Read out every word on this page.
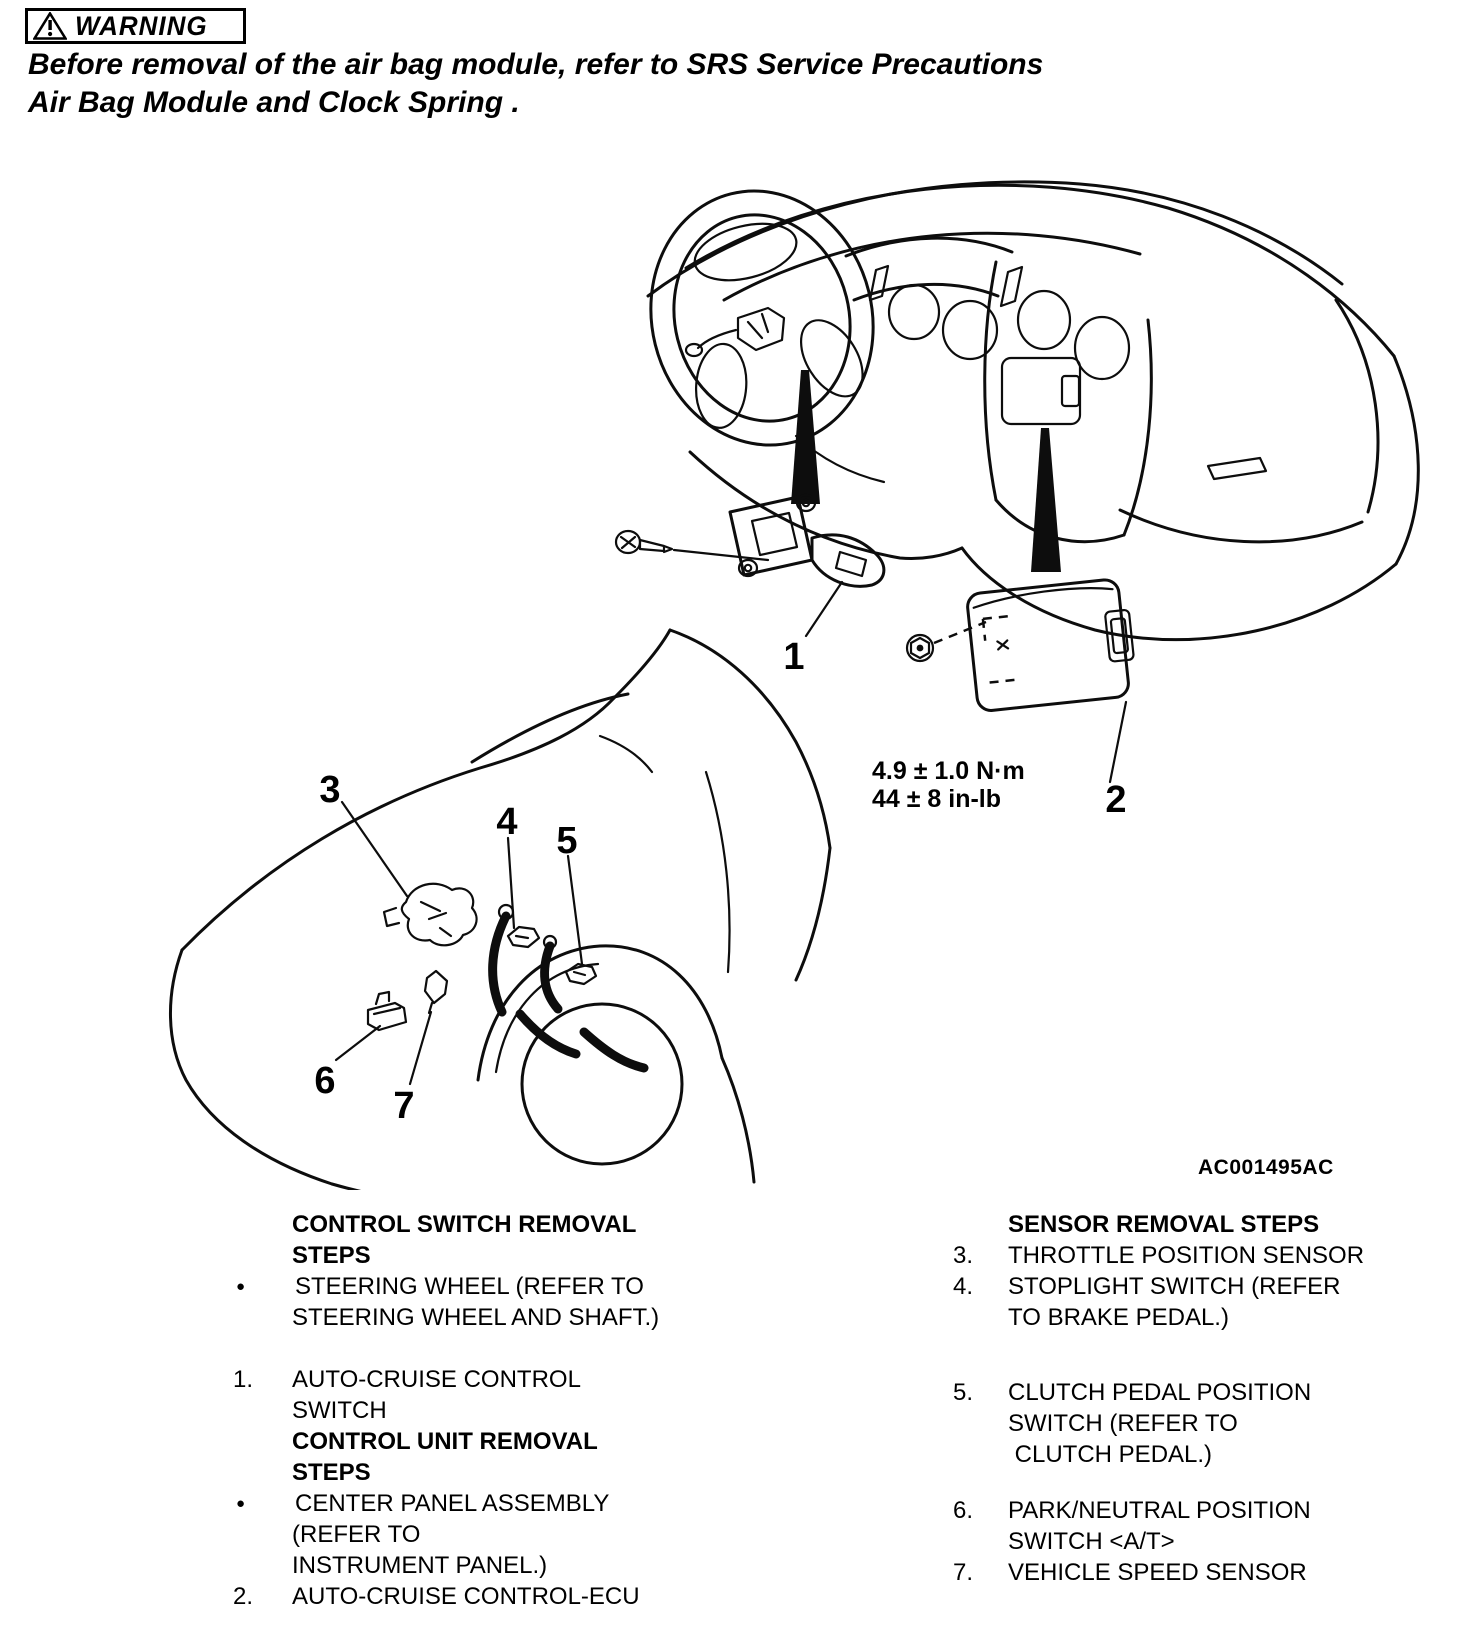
WARNING
Before removal of the air bag module, refer to SRS Service Precautions
Air Bag Module and Clock Spring .
1
2
4.9 ± 1.0 N·m
44 ± 8 in-lb
3
4 5
6
7
AC001495AC
CONTROL SWITCH REMOVAL
STEPS
●	STEERING WHEEL (REFER TO
STEERING WHEEL AND SHAFT.)
1.	AUTO-CRUISE CONTROL
SWITCH
CONTROL UNIT REMOVAL
STEPS
●	CENTER PANEL ASSEMBLY
(REFER TO
INSTRUMENT PANEL.)
2.	AUTO-CRUISE CONTROL-ECU
SENSOR REMOVAL STEPS
3.	THROTTLE POSITION SENSOR
4.	STOPLIGHT SWITCH (REFER
TO BRAKE PEDAL.)
5.	CLUTCH PEDAL POSITION
SWITCH (REFER TO
CLUTCH PEDAL.)
6.	PARK/NEUTRAL POSITION
SWITCH <A/T>
7.	VEHICLE SPEED SENSOR
